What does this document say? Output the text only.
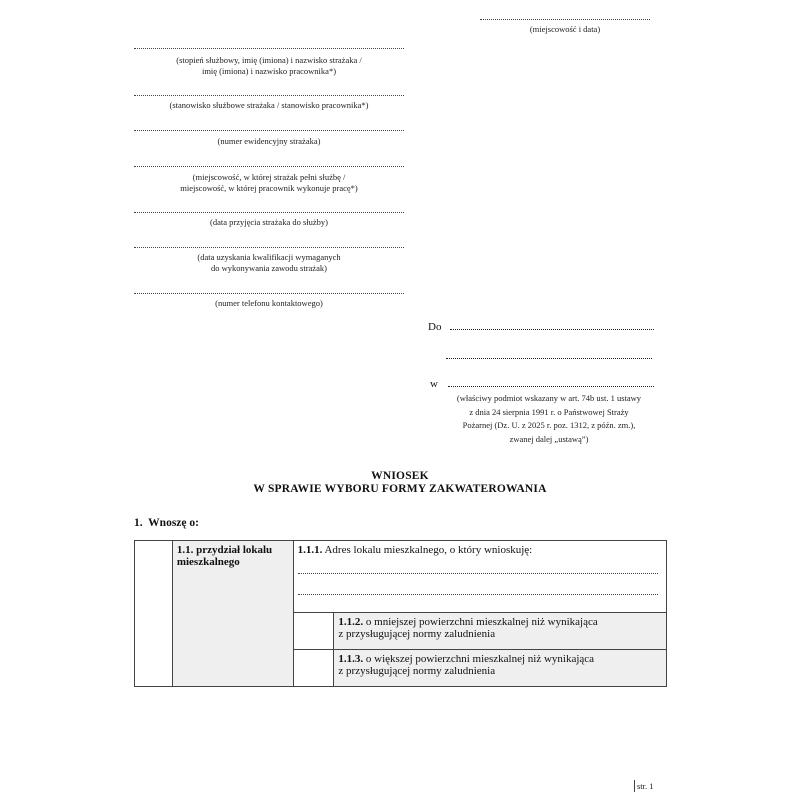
(miejscowość i data)
(stopień służbowy, imię (imiona) i nazwisko strażaka /
imię (imiona) i nazwisko pracownika*)
(stanowisko służbowe strażaka / stanowisko pracownika*)
(numer ewidencyjny strażaka)
(miejscowość, w której strażak pełni służbę /
miejscowość, w której pracownik wykonuje pracę*)
(data przyjęcia strażaka do służby)
(data uzyskania kwalifikacji wymaganych
do wykonywania zawodu strażak)
(numer telefonu kontaktowego)
Do
w
(właściwy podmiot wskazany w art. 74b ust. 1 ustawy
z dnia 24 sierpnia 1991 r. o Państwowej Straży
Pożarnej (Dz. U. z 2025 r. poz. 1312, z późn. zm.),
zwanej dalej „ustawą”)
WNIOSEK
W SPRAWIE WYBORU FORMY ZAKWATEROWANIA
1.  Wnoszę o:

	1.1. przydział lokalu
mieszkalnego	1.1.1. Adres lokalu mieszkalnego, o który wnioskuję:	

			1.1.2. o mniejszej powierzchni mieszkalnej niż wynikająca
z przysługującej normy zaludnienia

			1.1.3. o większej powierzchni mieszkalnej niż wynikająca
z przysługującej normy zaludnienia
str. 1
